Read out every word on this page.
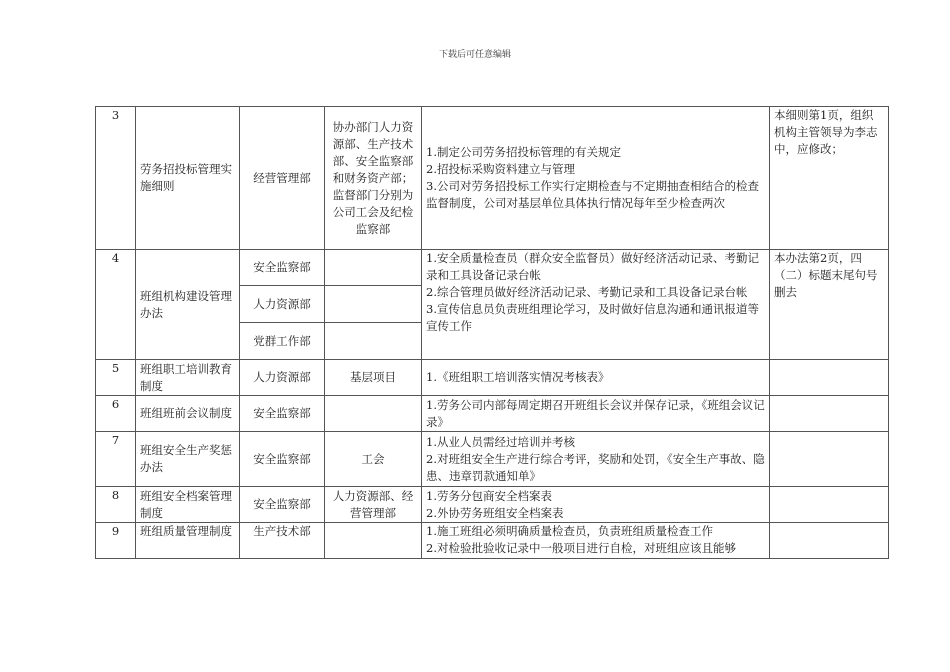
下载后可任意编辑
3	劳务招投标管理实施细则	经营管理部	协办部门人力资源部、生产技术部、安全监察部和财务资产部；监督部门分别为公司工会及纪检监察部	1.制定公司劳务招投标管理的有关规定
2.招投标采购资料建立与管理
3.公司对劳务招投标工作实行定期检查与不定期抽查相结合的检查监督制度，公司对基层单位具体执行情况每年至少检查两次	本细则第1页，组织机构主管领导为李志中，应修改；
4	班组机构建设管理办法	安全监察部		1.安全质量检查员（群众安全监督员）做好经济活动记录、考勤记录和工具设备记录台帐
2.综合管理员做好经济活动记录、考勤记录和工具设备记录台帐
3.宣传信息员负责班组理论学习，及时做好信息沟通和通讯报道等宣传工作	本办法第2页，四（二）标题末尾句号删去
		人力资源部			
		党群工作部			
5	班组职工培训教育制度	人力资源部	基层项目	1.《班组职工培训落实情况考核表》	

6	班组班前会议制度	安全监察部		1.劳务公司内部每周定期召开班组长会议并保存记录，《班组会议记录》	

7	班组安全生产奖惩办法	安全监察部	工会	1.从业人员需经过培训并考核
2.对班组安全生产进行综合考评，奖励和处罚，《安全生产事故、隐患、违章罚款通知单》	

8	班组安全档案管理制度	安全监察部	人力资源部、经营管理部	1.劳务分包商安全档案表
2.外协劳务班组安全档案表	

9	班组质量管理制度	生产技术部		1.施工班组必须明确质量检查员，负责班组质量检查工作
2.对检验批验收记录中一般项目进行自检，对班组应该且能够	
